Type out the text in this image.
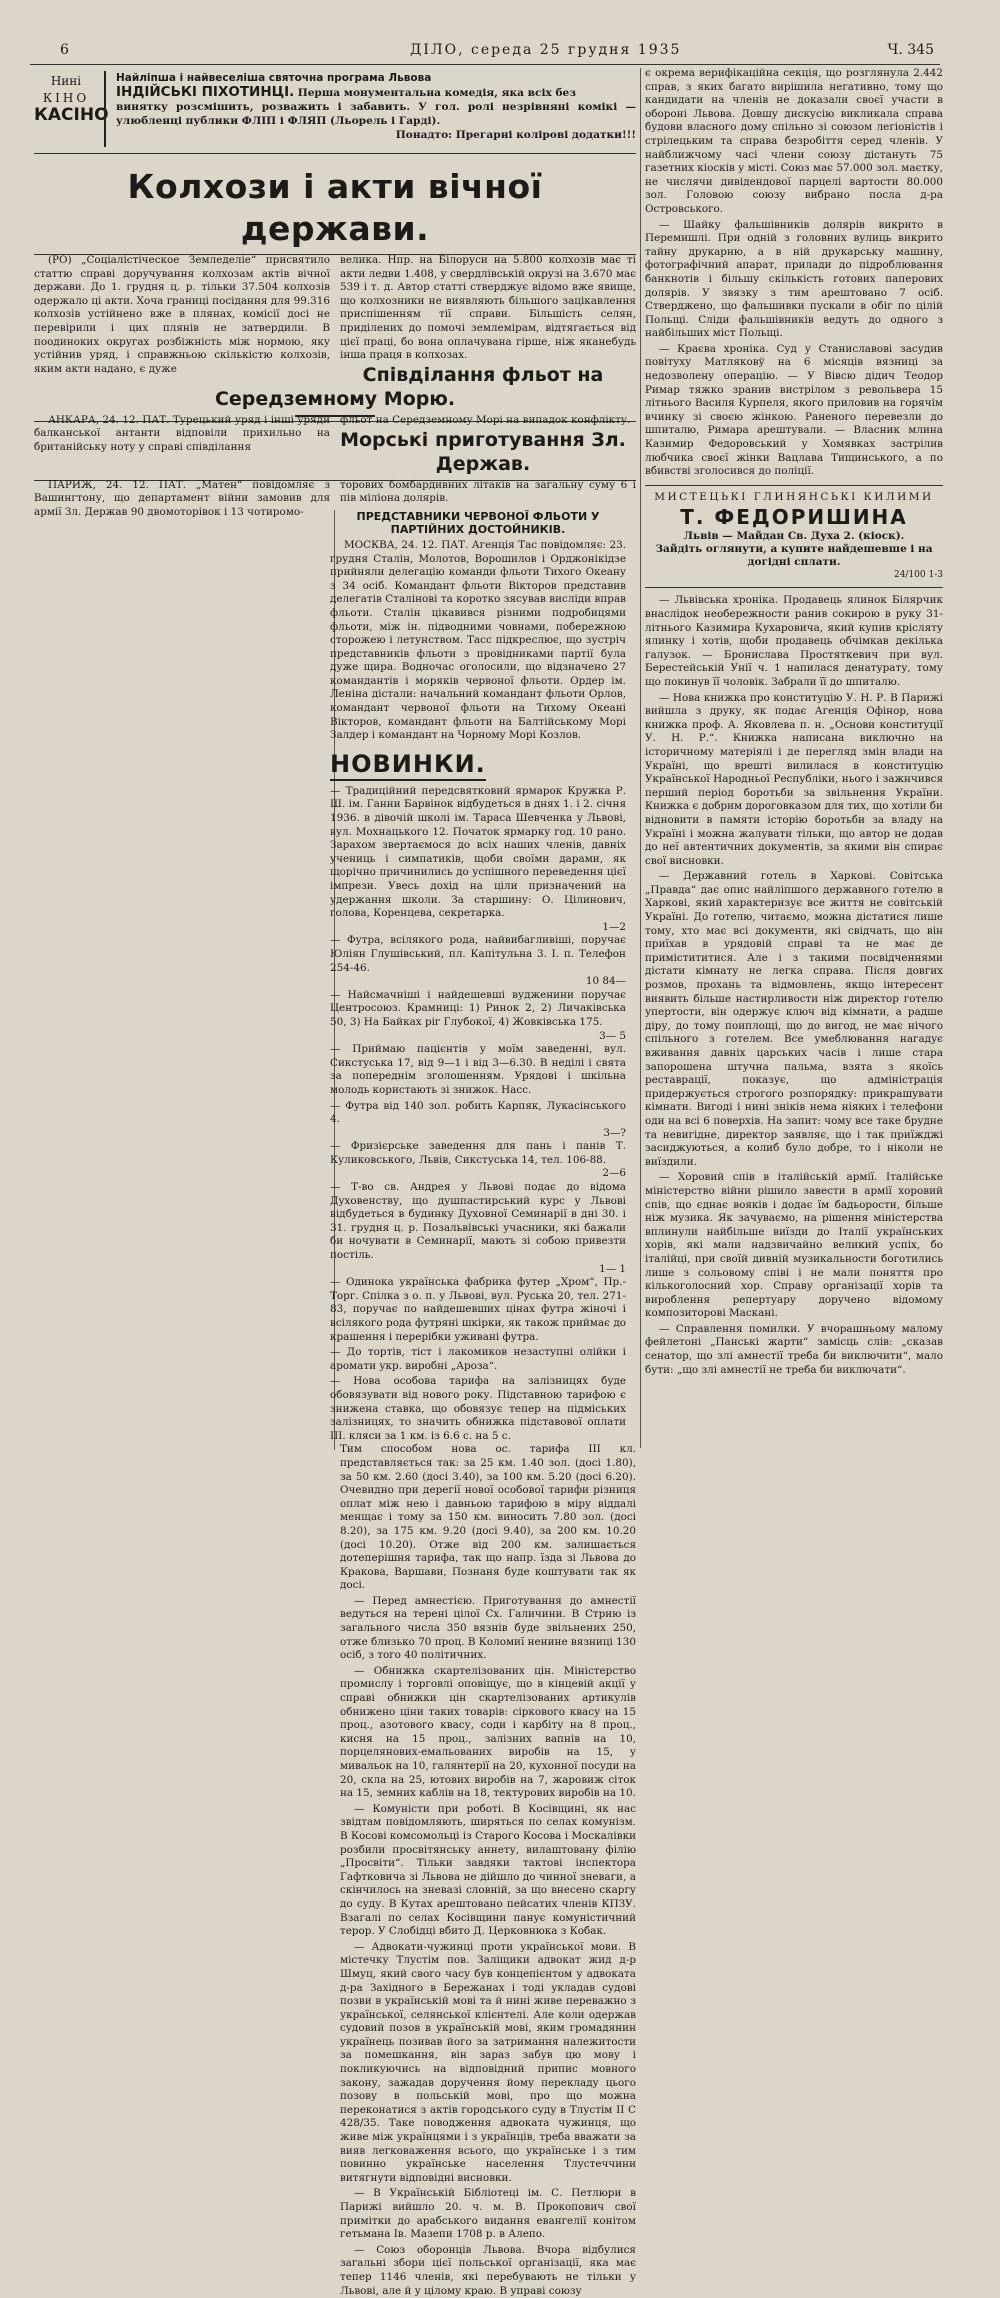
6	ДІЛО, середа 25 грудня 1935	Ч. 345
Нині
КІНО
КАСІНО
Найліпша і найвеселіша святочна програма Львова
ІНДІЙСЬКІ ПІХОТИНЦІ. Перша монументальна комедія, яка всіх без
винятку розсмішить, розважить і забавить. У гол. ролі незрівняні комікі — улюбленці публики ФЛІП і ФЛЯП (Льорель і Гарді).
Понадто: Прегарні колірові додатки!!!
Колхози і акти вічної держави.

(РО) „Соціалістіческое Земледеліе“ присвятило статтю справі доручування колхозам актів вічної держави. До 1. грудня ц. р. тільки 37.504 колхозів одержало ці акти. Хоча границі посідання для 99.316 колхозів устійнено вже в плянах, комісії досі не перевірили і цих плянів не затвердили. В поодиноких округах розбіжність між нормою, яку устійнив уряд, і справжньою скількістю колхозів, яким акти надано, є дуже

велика. Нпр. на Білоруси на 5.800 колхозів має ті акти ледви 1.408, у свердлівській окрузі на 3.670 має 539 і т. д. Автор статті стверджує відомо вже явище, що колхозники не виявляють більшого зацікавлення приспішенням тії справи. Більшість селян, приділених до помочі землемірам, відтягається від цієї праці, бо вона оплачувана гірше, ніж яканебудь інша праця в колхозах.

Співділання фльот на Середземному Морю.

АНКАРА, 24. 12. ПАТ. Турецький уряд і інші уряди балканської антанти відповіли прихильно на британійську ноту у справі співділання

фльот на Середземному Морі на випадок конфлікту.

Морські приготування Зл. Держав.

ПАРИЖ, 24. 12. ПАТ. „Матен“ повідомляє з Вашингтону, що департамент війни замовив для армії Зл. Держав 90 двомоторівок і 13 чотиромо-

торових бомбардивних літаків на загальну суму 6 і пів міліона долярів.

ПРЕДСТАВНИКИ ЧЕРВОНОЇ ФЛЬОТИ У ПАРТІЙНИХ ДОСТОЙНИКІВ.

МОСКВА, 24. 12. ПАТ. Агенція Тас повідомляє: 23. грудня Сталін, Молотов, Ворошилов і Орджонікідзе прийняли делегацію команди фльоти Тихого Океану з 34 осіб. Командант фльоти Вікторов представив делегатів Сталінові та коротко зясував висліди вправ фльоти. Сталін цікавився різними подробицями фльоти, між ін. підводними човнами, побережною сторожею і летунством. Тасс підкреслює, що зустріч представників фльоти з провідниками партії була дуже щира. Водночас оголосили, що відзначено 27 командантів і моряків червоної фльоти. Ордер ім. Леніна дістали: начальний командант фльоти Орлов, командант червоної фльоти на Тихому Океані Вікторов, командант фльоти на Балтійському Морі Залдер і командант на Чорному Морі Козлов.

НОВИНКИ.

— Традиційний передсвятковий ярмарок Кружка Р. Ш. ім. Ганни Барвінок відбудеться в днях 1. і 2. січня 1936. в дівочій школі ім. Тараса Шевченка у Львові, вул. Мохнацького 12. Початок ярмарку год. 10 рано. Зарахом звертаємося до всіх наших членів, давніх учениць і симпатиків, щоби своїми дарами, як щорічно причинились до успішного переведення цієї імпрези. Увесь дохід на ціли призначений на удержання школи. За старшину: О. Цілинович, голова, Коренцева, секретарка.

1—2

— Футра, всілякого рода, найвибагливіші, поручає Юліян Глушівський, пл. Капітульна 3. I. п. Телефон 254-46.

10 84—

— Найсмачніші і найдешевші вудженини поручає Центросоюз. Крамниці: 1) Ринок 2, 2) Личаківська 50, 3) На Байках ріг Глубокої, 4) Жовківська 175.

3— 5

— Приймаю пацієнтів у моїм заведенні, вул. Сикстуська 17, від 9—1 і від 3—6.30. В неділі і свята за попереднім зголошенням. Урядові і шкільна молодь користають зі знижок. Насс.

— Футра від 140 зол. робить Карпяк, Лукасінського 4.

3—?

— Фризієрське заведення для пань і панів Т. Куликовського, Львів, Сикстуська 14, тел. 106-88.

2—6

— Т-во св. Андрея у Львові подає до відома Духовенству, що душпастирський курс у Львові відбудеться в будинку Духовної Семинарії в дні 30. і 31. грудня ц. р. Позальвівські учасники, які бажали би ночувати в Семинарії, мають зі собою привезти постіль.

1— 1

— Одинока українська фабрика футер „Хром“, Пр.-Торг. Спілка з о. п. у Львові, вул. Руська 20, тел. 271-83, поручає по найдешевших цінах футра жіночі і всілякого рода футряні шкірки, як також приймає до крашення і перерібки уживані футра.

— До тортів, тіст і лакомиков незаступні олійки і аромати укр. виробні „Ароза“.

— Нова особова тарифа на залізницях буде обовязувати від нового року. Підставною тарифою є знижена ставка, що обовязує тепер на підміських залізницях, то значить обнижка підставової оплати III. кляси за 1 км. із 6.6 с. на 5 с.

Тим способом нова ос. тарифа III кл. представляється так: за 25 км. 1.40 зол. (досі 1.80), за 50 км. 2.60 (досі 3.40), за 100 км. 5.20 (досі 6.20). Очевидно при дерегії нової особової тарифи різниця оплат між нею і давньою тарифою в міру віддалі менщає і тому за 150 км. виносить 7.80 зол. (досі 8.20), за 175 км. 9.20 (досі 9.40), за 200 км. 10.20 (досі 10.20). Отже від 200 км. залишається дотеперішня тарифа, так що напр. їзда зі Львова до Кракова, Варшави, Познаня буде коштувати так як досі.

— Перед амнестією. Приготування до амнестії ведуться на терені цілої Сх. Галичини. В Стрию із загального числа 350 вязнів буде звільнених 250, отже близько 70 проц. В Коломиї ненине вязниці 130 осіб, з того 40 політичних.

— Обнижка скартелізованих цін. Міністерство промислу і торговлі оповіщує, що в кінцевій акції у справі обнижки цін скартелізованих артикулів обнижено ціни таких товарів: сіркового квасу на 15 проц., азотового квасу, соди і карбіту на 8 проц., кисня на 15 проц., залізних вапнів на 10, порцелянових-емальованих виробів на 15, у мивальок на 10, галянтерії на 20, кухонної посуди на 20, скла на 25, ютових виробів на 7, жаровиж сіток на 15, земних каблів на 18, тектурових виробів на 10.

— Комуністи при роботі. В Косівщині, як нас звідтам повідомляють, ширяться по селах комунізм. В Косові комсомольці із Старого Косова і Москалівки розбили просвітянську аннету, вилаштовану філію „Просвіти“. Тільки завдяки тактові інспектора Гафтковича зі Львова не дійшло до чинної зневаги, а скінчилось на зневазі словній, за що внесено скаргу до суду. В Кутах арештовано пейсатих членів КПЗУ. Взагалі по селах Косівщини панує комуністичний терор. У Слобідці вбито Д. Церковнюка з Кобак.

— Адвокати-чужинці проти української мови. В містечку Тлустім пов. Заліщики адвокат жид д-р Шмуц, який свого часу був концепієнтом у адвоката д-ра Західного в Бережанах і тоді укладав судові позви в українській мові та й нині живе переважно з української, селянської клієнтелі. Але коли одержав судовий позов в українській мові, яким громадянин українець позивав його за затримання належитости за помешкання, він зараз забув цю мову і покликуючись на відповідний припис мовного закону, зажадав доручення йому перекладу цього позову в польській мові, про що можна переконатися з актів городського суду в Тлустім II С 428/35. Таке поводження адвоката чужинця, що живе між українцями і з українців, треба вважати за вияв легковаження всього, що українське і з тим повинно українське населення Тлустеччини витягнути відповідні висновки.

— В Українській Бібліотеці ім. С. Петлюри в Парижі вийшло 20. ч. м. В. Прокопович свої примітки до арабського видання евангелії конітом гетьмана Ів. Мазепи 1708 р. в Алепо.

— Союз оборонців Львова. Вчора відбулися загальні збори цієї польської організації, яка має тепер 1146 членів, які перебувають не тільки у Львові, але й у цілому краю. В управі союзу

є окрема верифікаційна секція, що розглянула 2.442 справ, з яких багато вирішила негативно, тому що кандидати на членів не доказали своєї участи в обороні Львова. Довшу дискусію викликала справа будови власного дому спільно зі союзом легіоністів і стрілецьким та справа безробіття серед членів. У найближчому часі члени союзу дістануть 75 газетних кіосків у місті. Союз має 57.000 зол. маєтку, не числячи дивідендової парцелі вартости 80.000 зол. Головою союзу вибрано посла д-ра Островського.

— Шайку фальшівників долярів викрито в Перемишлі. При одній з головних вулиць викрито тайну друкарню, а в ній друкарську машину, фотографічний апарат, прилади до підроблювання банкнотів і більшу скількість готових паперових долярів. У звязку з тим арештовано 7 осіб. Стверджено, що фальшивки пускали в обіг по цілій Польщі. Сліди фальшівників ведуть до одного з найбільших міст Польщі.

— Краєва хроніка. Суд у Станиславові засудив повітуху Матляковў на 6 місяців вязниці за недозволену операцію. — У Вівсю дідич Теодор Римар тяжко зранив вистрілом з револьвера 15 літнього Василя Курпеля, якого приловив на горячім вчинку зі своєю жінкою. Раненого перевезли до шпиталю, Римара арештували. — Власник млина Казимир Федоровський у Хомявках застрілив любчика своєї жінки Вацлава Тищинського, а по вбивстві зголосився до поліції.

МИСТЕЦЬКІ ГЛИНЯНСЬКІ КИЛИМИ
Т. ФЕДОРИШИНА
Львів — Майдан Св. Духа 2. (кіоск).
Зайдіть оглянути, а купите найдешевше і на догідні сплати.
24/100 1-3

— Львівська хроніка. Продавець ялинок Білярчик внаслідок необережности ранив сокирою в руку 31-літнього Казимира Кухаровича, який купив крісляту ялинку і хотів, щоби продавець обчімкав декілька галузок. — Бронислава Простяткевич при вул. Берестейській Унії ч. 1 напилася денатурату, тому що покинув її чоловік. Забрали її до шпиталю.

— Нова книжка про конституцію У. Н. Р. В Парижі вийшла з друку, як подає Агенція Офінор, нова книжка проф. А. Яковлева п. н. „Основи конституції У. Н. Р.“. Книжка написана виключно на історичному матеріялі і де перегляд змін влади на Україні, що врешті вилилася в конституцію Української Народньої Республіки, нього і зажнчився перший період боротьби за звільнення України. Книжка є добрим дороговказом для тих, що хотіли би відновити в памяти історію боротьби за владу на Україні і можна жалувати тільки, що автор не додав до неї автентичних документів, за якими він спирає свої висновки.

— Державний готель в Харкові. Совітська „Правда“ дає опис найліпшого державного готелю в Харкові, який характеризує все життя не совітській Україні. До готелю, читаємо, можна дістатися лише тому, хто має всі документи, які свідчать, що він приїхав в урядовій справі та не має де примістититися. Але і з такими посвідченнями дістати кімнату не легка справа. Після довгих розмов, прохань та відмовлень, якщо інтересент виявить більше настирливости ніж директор готелю упертости, він одержує ключ від кімнати, а радше діру, до тому поиплощі, що до вигод, не має нічого спільного з готелем. Все умеблювання нагадує вживання давніх царських часів і лише стара запорошена штучна пальма, взята з якоїсь реставрації, показує, що адміністрація придержується строгого розпорядку: прикрашувати кімнати. Вигоді і нині зніків нема ніяких і телефони оди на всі 6 поверхів. На запит: чому все таке брудне та невигідне, директор заявляє, що і так приїжджі засиджуються, а колиб було добре, то і ніколи не виїздили.

— Хоровий спів в італійській армії. Італійське міністерство війни рішило завести в армії хоровий спів, що єднає вояків і додає їм бадьорости, більше ніж музика. Як зачуваємо, на рішення міністерства вплинули найбільше виїзди до Італії українських хорів, які мали надзвичайно великий успіх, бо італійці, при своїй дивній музикальности боготились лише з сольовому співі і не мали поняття про кількоголосний хор. Справу організації хорів та вироблення репертуару доручено відомому композиторові Маскані.

— Справлення помилки. У вчорашньому малому фейлетоні „Панські жарти“ замісць слів: „сказав сенатор, що злі амнестії треба би виключити“, мало бути: „що злі амнестії не треба би виключати“.
